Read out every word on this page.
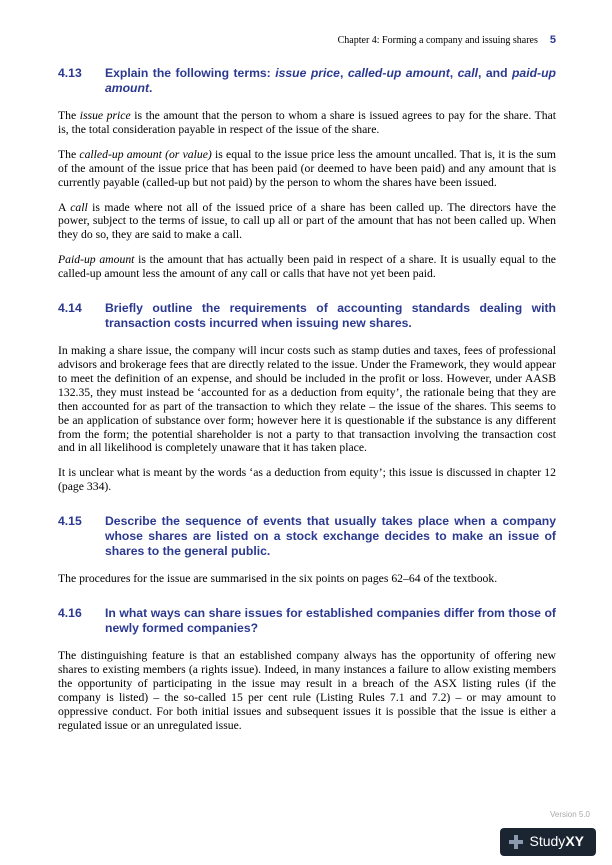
Chapter 4: Forming a company and issuing shares 5
4.13	Explain the following terms: issue price, called-up amount, call, and paid-up amount.

The issue price is the amount that the person to whom a share is issued agrees to pay for the share. That is, the total consideration payable in respect of the issue of the share.

The called-up amount (or value) is equal to the issue price less the amount uncalled. That is, it is the sum of the amount of the issue price that has been paid (or deemed to have been paid) and any amount that is currently payable (called-up but not paid) by the person to whom the shares have been issued.

A call is made where not all of the issued price of a share has been called up. The directors have the power, subject to the terms of issue, to call up all or part of the amount that has not been called up. When they do so, they are said to make a call.

Paid-up amount is the amount that has actually been paid in respect of a share. It is usually equal to the called-up amount less the amount of any call or calls that have not yet been paid.

4.14	Briefly outline the requirements of accounting standards dealing with transaction costs incurred when issuing new shares.

In making a share issue, the company will incur costs such as stamp duties and taxes, fees of professional advisors and brokerage fees that are directly related to the issue. Under the Framework, they would appear to meet the definition of an expense, and should be included in the profit or loss. However, under AASB 132.35, they must instead be ‘accounted for as a deduction from equity’, the rationale being that they are then accounted for as part of the transaction to which they relate – the issue of the shares. This seems to be an application of substance over form; however here it is questionable if the substance is any different from the form; the potential shareholder is not a party to that transaction involving the transaction cost and in all likelihood is completely unaware that it has taken place.

It is unclear what is meant by the words ‘as a deduction from equity’; this issue is discussed in chapter 12 (page 334).

4.15	Describe the sequence of events that usually takes place when a company whose shares are listed on a stock exchange decides to make an issue of shares to the general public.

The procedures for the issue are summarised in the six points on pages 62–64 of the textbook.

4.16	In what ways can share issues for established companies differ from those of newly formed companies?

The distinguishing feature is that an established company always has the opportunity of offering new shares to existing members (a rights issue). Indeed, in many instances a failure to allow existing members the opportunity of participating in the issue may result in a breach of the ASX listing rules (if the company is listed) – the so-called 15 per cent rule (Listing Rules 7.1 and 7.2) – or may amount to oppressive conduct. For both initial issues and subsequent issues it is possible that the issue is either a regulated issue or an unregulated issue.

Version 5.0
StudyXY
